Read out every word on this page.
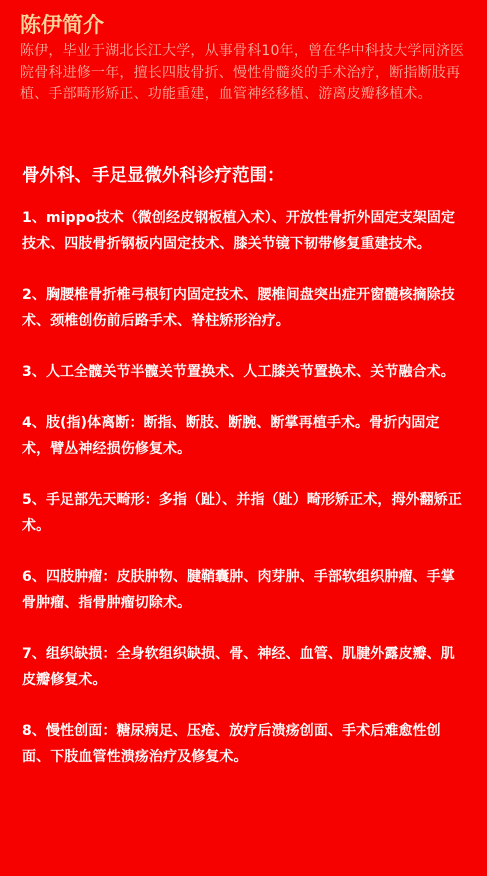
陈伊简介

陈伊，毕业于湖北长江大学，从事骨科10年，曾在华中科技大学同济医院骨科进修一年，擅长四肢骨折、慢性骨髓炎的手术治疗，断指断肢再植、手部畸形矫正、功能重建，血管神经移植、游离皮瓣移植术。

骨外科、手足显微外科诊疗范围：

1、mippo技术（微创经皮钢板植入术）、开放性骨折外固定支架固定技术、四肢骨折钢板内固定技术、膝关节镜下韧带修复重建技术。

2、胸腰椎骨折椎弓根钉内固定技术、腰椎间盘突出症开窗髓核摘除技术、颈椎创伤前后路手术、脊柱矫形治疗。

3、人工全髋关节半髋关节置换术、人工膝关节置换术、关节融合术。

4、肢(指)体离断：断指、断肢、断腕、断掌再植手术。骨折内固定术，臂丛神经损伤修复术。

5、手足部先天畸形：多指（趾）、并指（趾）畸形矫正术，拇外翻矫正术。

6、四肢肿瘤：皮肤肿物、腱鞘囊肿、肉芽肿、手部软组织肿瘤、手掌骨肿瘤、指骨肿瘤切除术。

7、组织缺损：全身软组织缺损、骨、神经、血管、肌腱外露皮瓣、肌皮瓣修复术。

8、慢性创面：糖尿病足、压疮、放疗后溃疡创面、手术后难愈性创面、下肢血管性溃疡治疗及修复术。
